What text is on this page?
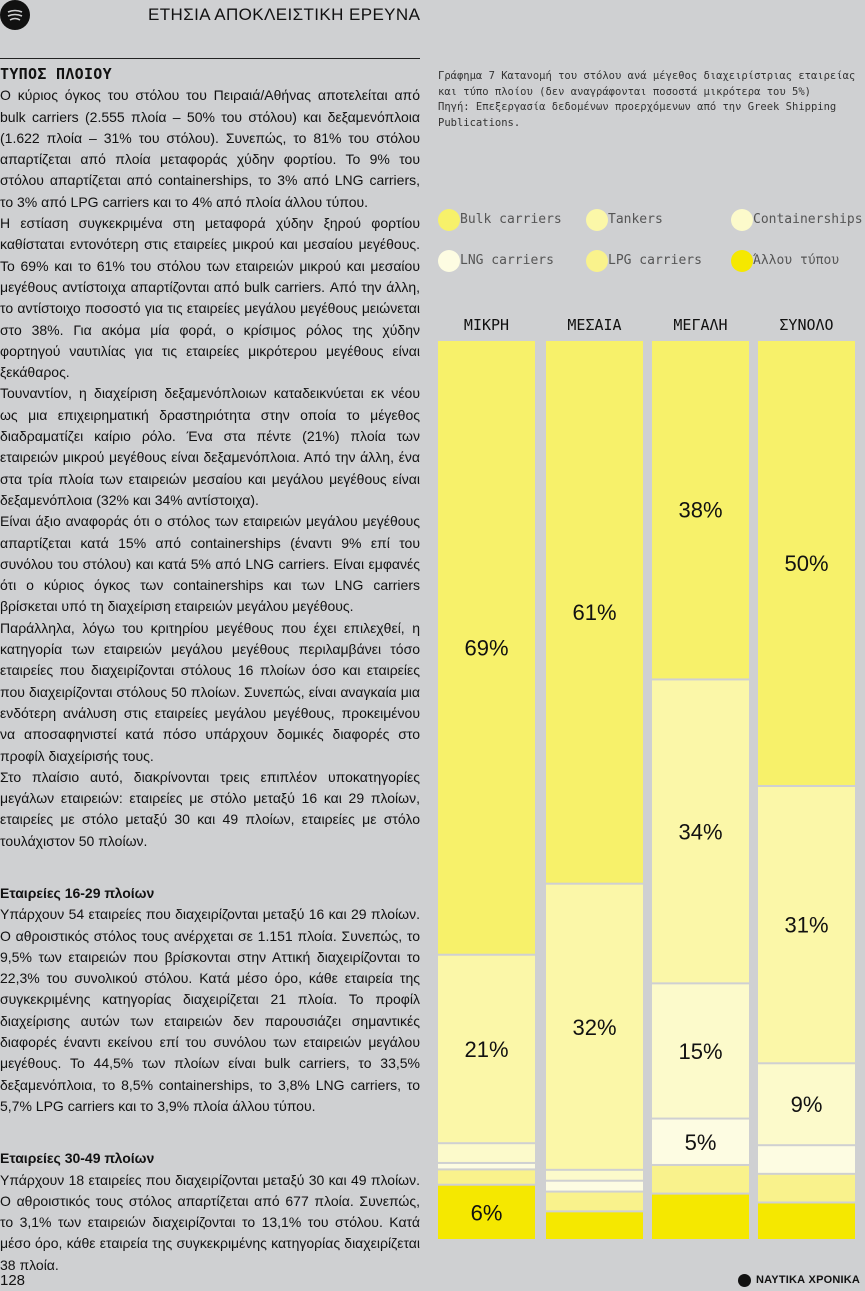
ΕΤΗΣΙΑ ΑΠΟΚΛΕΙΣΤΙΚΗ ΕΡΕΥΝΑ
ΤΥΠΟΣ ΠΛΟΙΟΥ

Ο κύριος όγκος του στόλου του Πειραιά/Αθήνας αποτελείται από bulk carriers (2.555 πλοία – 50% του στόλου) και δεξαμενόπλοια (1.622 πλοία – 31% του στόλου). Συνεπώς, το 81% του στόλου απαρτίζεται από πλοία μεταφοράς χύδην φορτίου. Το 9% του στόλου απαρτίζεται από containerships, το 3% από LNG carriers, το 3% από LPG carriers και το 4% από πλοία άλλου τύπου.

Η εστίαση συγκεκριμένα στη μεταφορά χύδην ξηρού φορτίου καθίσταται εντονότερη στις εταιρείες μικρού και μεσαίου μεγέθους. Το 69% και το 61% του στόλου των εταιρειών μικρού και μεσαίου μεγέθους αντίστοιχα απαρτίζονται από bulk carriers. Από την άλλη, το αντίστοιχο ποσοστό για τις εταιρείες μεγάλου μεγέθους μειώνεται στο 38%. Για ακόμα μία φορά, ο κρίσιμος ρόλος της χύδην φορτηγού ναυτιλίας για τις εταιρείες μικρότερου μεγέθους είναι ξεκάθαρος.

Τουναντίον, η διαχείριση δεξαμενόπλοιων καταδεικνύεται εκ νέου ως μια επιχειρηματική δραστηριότητα στην οποία το μέγεθος διαδραματίζει καίριο ρόλο. Ένα στα πέντε (21%) πλοία των εταιρειών μικρού μεγέθους είναι δεξαμενόπλοια. Από την άλλη, ένα στα τρία πλοία των εταιρειών μεσαίου και μεγάλου μεγέθους είναι δεξαμενόπλοια (32% και 34% αντίστοιχα).

Είναι άξιο αναφοράς ότι ο στόλος των εταιρειών μεγάλου μεγέθους απαρτίζεται κατά 15% από containerships (έναντι 9% επί του συνόλου του στόλου) και κατά 5% από LNG carriers. Είναι εμφανές ότι ο κύριος όγκος των containerships και των LNG carriers βρίσκεται υπό τη διαχείριση εταιρειών μεγάλου μεγέθους.

Παράλληλα, λόγω του κριτηρίου μεγέθους που έχει επιλεχθεί, η κατηγορία των εταιρειών μεγάλου μεγέθους περιλαμβάνει τόσο εταιρείες που διαχειρίζονται στόλους 16 πλοίων όσο και εταιρείες που διαχειρίζονται στόλους 50 πλοίων. Συνεπώς, είναι αναγκαία μια ενδότερη ανάλυση στις εταιρείες μεγάλου μεγέθους, προκειμένου να αποσαφηνιστεί κατά πόσο υπάρχουν δομικές διαφορές στο προφίλ διαχείρισής τους.

Στο πλαίσιο αυτό, διακρίνονται τρεις επιπλέον υποκατηγορίες μεγάλων εταιρειών: εταιρείες με στόλο μεταξύ 16 και 29 πλοίων, εταιρείες με στόλο μεταξύ 30 και 49 πλοίων, εταιρείες με στόλο τουλάχιστον 50 πλοίων.

Εταιρείες 16-29 πλοίων

Υπάρχουν 54 εταιρείες που διαχειρίζονται μεταξύ 16 και 29 πλοίων. Ο αθροιστικός στόλος τους ανέρχεται σε 1.151 πλοία. Συνεπώς, το 9,5% των εταιρειών που βρίσκονται στην Αττική διαχειρίζονται το 22,3% του συνολικού στόλου. Κατά μέσο όρο, κάθε εταιρεία της συγκεκριμένης κατηγορίας διαχειρίζεται 21 πλοία. Το προφίλ διαχείρισης αυτών των εταιρειών δεν παρουσιάζει σημαντικές διαφορές έναντι εκείνου επί του συνόλου των εταιρειών μεγάλου μεγέθους. Το 44,5% των πλοίων είναι bulk carriers, το 33,5% δεξαμενόπλοια, το 8,5% containerships, το 3,8% LNG carriers, το 5,7% LPG carriers και το 3,9% πλοία άλλου τύπου.

Εταιρείες 30-49 πλοίων

Υπάρχουν 18 εταιρείες που διαχειρίζονται μεταξύ 30 και 49 πλοίων. Ο αθροιστικός τους στόλος απαρτίζεται από 677 πλοία. Συνεπώς, το 3,1% των εταιρειών διαχειρίζονται το 13,1% του στόλου. Κατά μέσο όρο, κάθε εταιρεία της συγκεκριμένης κατηγορίας διαχειρίζεται 38 πλοία.

Γράφημα 7 Κατανομή του στόλου ανά μέγεθος διαχειρίστριας εταιρείας και τύπο πλοίου (δεν αναγράφονται ποσοστά μικρότερα του 5%)
Πηγή: Επεξεργασία δεδομένων προερχόμενων από την Greek Shipping Publications.
Bulk carriers	Tankers	Containerships
LNG carriers	LPG carriers	Άλλου τύπου
ΜΙΚΡΗ
69%
21%
6%
ΜΕΣΑΙΑ
61%
32%
ΜΕΓΑΛΗ
38%
34%
15%
5%
ΣΥΝΟΛΟ
50%
31%
9%
128	ΝΑΥΤΙΚΑ ΧΡΟΝΙΚΑ
